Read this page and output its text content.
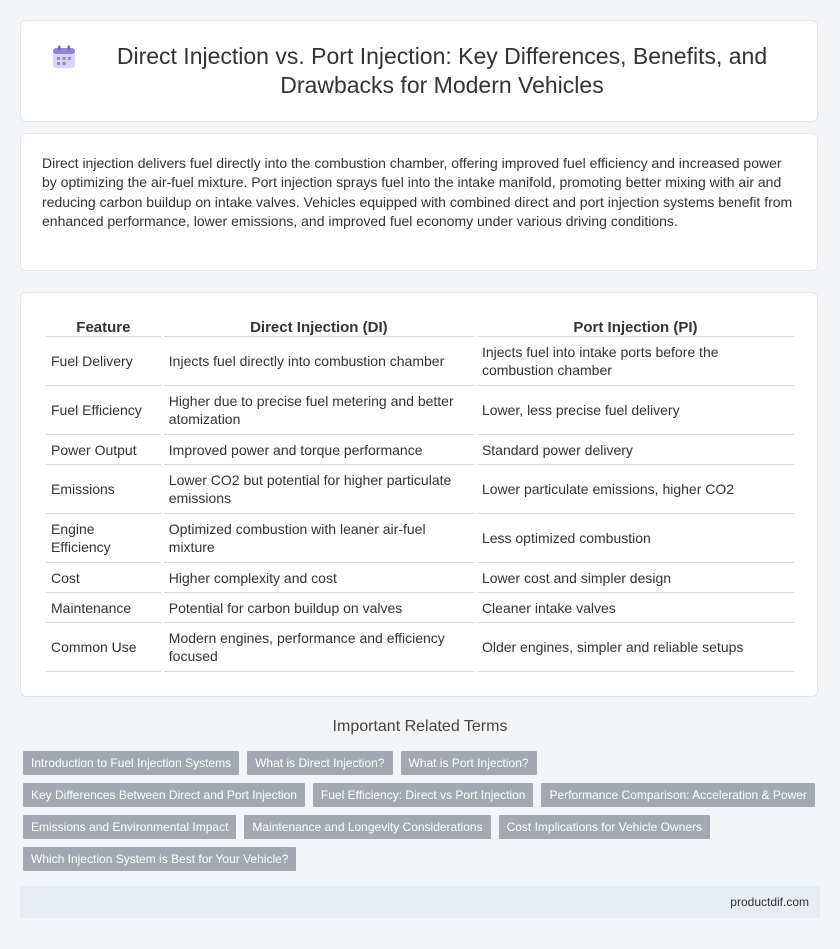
Direct Injection vs. Port Injection: Key Differences, Benefits, and Drawbacks for Modern Vehicles

Direct injection delivers fuel directly into the combustion chamber, offering improved fuel efficiency and increased power by optimizing the air-fuel mixture. Port injection sprays fuel into the intake manifold, promoting better mixing with air and reducing carbon buildup on intake valves. Vehicles equipped with combined direct and port injection systems benefit from enhanced performance, lower emissions, and improved fuel economy under various driving conditions.

Feature	Direct Injection (DI)	Port Injection (PI)
Fuel Delivery	Injects fuel directly into combustion chamber	Injects fuel into intake ports before the combustion chamber
Fuel Efficiency	Higher due to precise fuel metering and better atomization	Lower, less precise fuel delivery
Power Output	Improved power and torque performance	Standard power delivery
Emissions	Lower CO2 but potential for higher particulate emissions	Lower particulate emissions, higher CO2
Engine Efficiency	Optimized combustion with leaner air-fuel mixture	Less optimized combustion
Cost	Higher complexity and cost	Lower cost and simpler design
Maintenance	Potential for carbon buildup on valves	Cleaner intake valves
Common Use	Modern engines, performance and efficiency focused	Older engines, simpler and reliable setups
Important Related Terms
Introduction to Fuel Injection Systems	What is Direct Injection?	What is Port Injection?
Key Differences Between Direct and Port Injection	Fuel Efficiency: Direct vs Port Injection	Performance Comparison: Acceleration & Power
Emissions and Environmental Impact	Maintenance and Longevity Considerations	Cost Implications for Vehicle Owners
Which Injection System is Best for Your Vehicle?
productdif.com
